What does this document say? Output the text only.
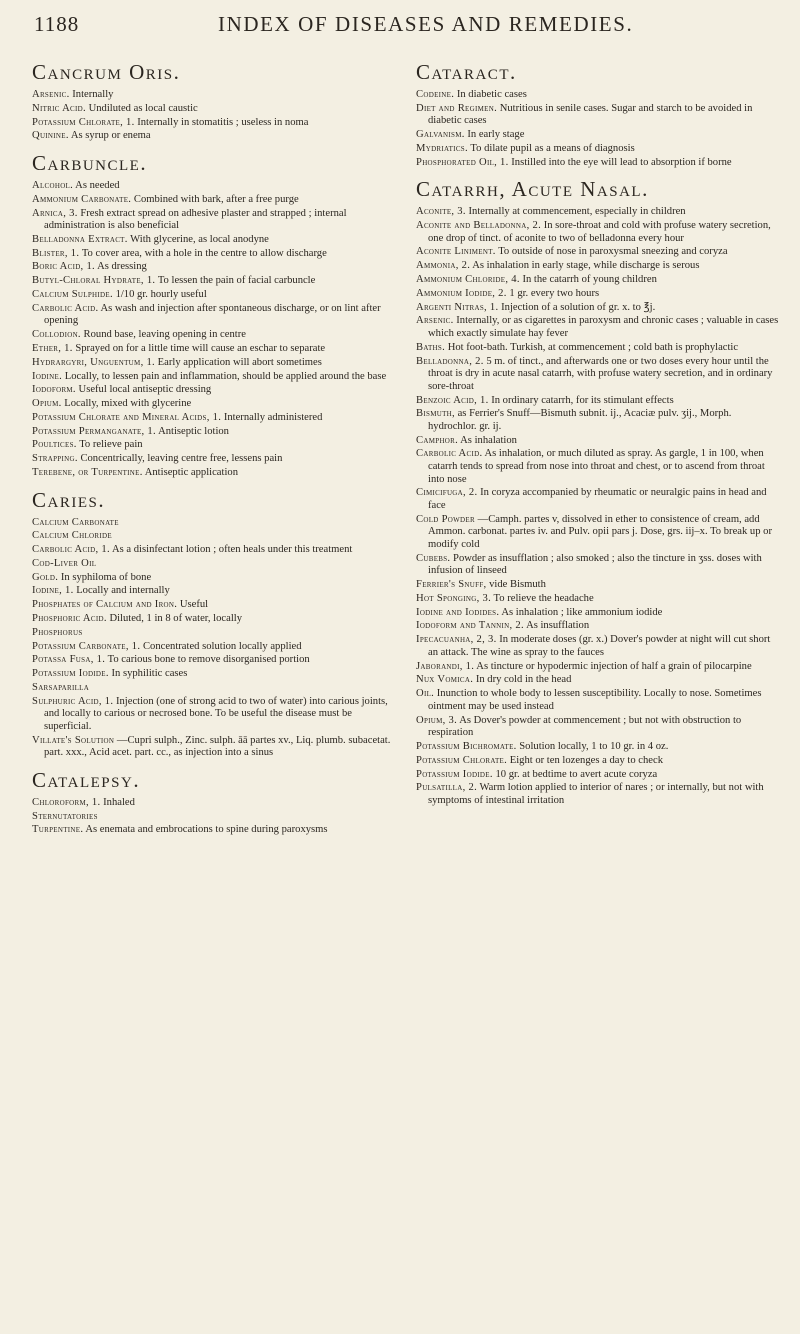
1188	INDEX OF DISEASES AND REMEDIES.
Cancrum Oris.
Arsenic. Internally
Nitric Acid. Undiluted as local caustic
Potassium Chlorate, 1. Internally in stomatitis ; useless in noma
Quinine. As syrup or enema
Carbuncle.
Alcohol. As needed
Ammonium Carbonate. Combined with bark, after a free purge
Arnica, 3. Fresh extract spread on adhesive plaster and strapped ; internal administration is also beneficial
Belladonna Extract. With glycerine, as local anodyne
Blister, 1. To cover area, with a hole in the centre to allow discharge
Boric Acid, 1. As dressing
Butyl-Chloral Hydrate, 1. To lessen the pain of facial carbuncle
Calcium Sulphide. 1/10 gr. hourly useful
Carbolic Acid. As wash and injection after spontaneous discharge, or on lint after opening
Collodion. Round base, leaving opening in centre
Ether, 1. Sprayed on for a little time will cause an eschar to separate
Hydrargyri, Unguentum, 1. Early application will abort sometimes
Iodine. Locally, to lessen pain and inflammation, should be applied around the base
Iodoform. Useful local antiseptic dressing
Opium. Locally, mixed with glycerine
Potassium Chlorate and Mineral Acids, 1. Internally administered
Potassium Permanganate, 1. Antiseptic lotion
Poultices. To relieve pain
Strapping. Concentrically, leaving centre free, lessens pain
Terebene, or Turpentine. Antiseptic application
Caries.
Calcium Carbonate
Calcium Chloride
Carbolic Acid, 1. As a disinfectant lotion ; often heals under this treatment
Cod-Liver Oil
Gold. In syphiloma of bone
Iodine, 1. Locally and internally
Phosphates of Calcium and Iron. Useful
Phosphoric Acid. Diluted, 1 in 8 of water, locally
Phosphorus
Potassium Carbonate, 1. Concentrated solution locally applied
Potassa Fusa, 1. To carious bone to remove disorganised portion
Potassium Iodide. In syphilitic cases
Sarsaparilla
Sulphuric Acid, 1. Injection (one of strong acid to two of water) into carious joints, and locally to carious or necrosed bone. To be useful the disease must be superficial.
Villate's Solution —Cupri sulph., Zinc. sulph. āā partes xv., Liq. plumb. subacetat. part. xxx., Acid acet. part. cc., as injection into a sinus
Catalepsy.
Chloroform, 1. Inhaled
Sternutatories
Turpentine. As enemata and embrocations to spine during paroxysms
Cataract.
Codeine. In diabetic cases
Diet and Regimen. Nutritious in senile cases. Sugar and starch to be avoided in diabetic cases
Galvanism. In early stage
Mydriatics. To dilate pupil as a means of diagnosis
Phosphorated Oil, 1. Instilled into the eye will lead to absorption if borne
Catarrh, Acute Nasal.
Aconite, 3. Internally at commencement, especially in children
Aconite and Belladonna, 2. In sore-throat and cold with profuse watery secretion, one drop of tinct. of aconite to two of belladonna every hour
Aconite Liniment. To outside of nose in paroxysmal sneezing and coryza
Ammonia, 2. As inhalation in early stage, while discharge is serous
Ammonium Chloride, 4. In the catarrh of young children
Ammonium Iodide, 2. 1 gr. every two hours
Argenti Nitras, 1. Injection of a solution of gr. x. to ℥j.
Arsenic. Internally, or as cigarettes in paroxysm and chronic cases ; valuable in cases which exactly simulate hay fever
Baths. Hot foot-bath. Turkish, at commencement ; cold bath is prophylactic
Belladonna, 2. 5 m. of tinct., and afterwards one or two doses every hour until the throat is dry in acute nasal catarrh, with profuse watery secretion, and in ordinary sore-throat
Benzoic Acid, 1. In ordinary catarrh, for its stimulant effects
Bismuth, as Ferrier's Snuff—Bismuth subnit. ij., Acaciæ pulv. ʒij., Morph. hydrochlor. gr. ij.
Camphor. As inhalation
Carbolic Acid. As inhalation, or much diluted as spray. As gargle, 1 in 100, when catarrh tends to spread from nose into throat and chest, or to ascend from throat into nose
Cimicifuga, 2. In coryza accompanied by rheumatic or neuralgic pains in head and face
Cold Powder —Camph. partes v, dissolved in ether to consistence of cream, add Ammon. carbonat. partes iv. and Pulv. opii pars j. Dose, grs. iij–x. To break up or modify cold
Cubebs. Powder as insufflation ; also smoked ; also the tincture in ʒss. doses with infusion of linseed
Ferrier's Snuff, vide Bismuth
Hot Sponging, 3. To relieve the headache
Iodine and Iodides. As inhalation ; like ammonium iodide
Iodoform and Tannin, 2. As insufflation
Ipecacuanha, 2, 3. In moderate doses (gr. x.) Dover's powder at night will cut short an attack. The wine as spray to the fauces
Jaborandi, 1. As tincture or hypodermic injection of half a grain of pilocarpine
Nux Vomica. In dry cold in the head
Oil. Inunction to whole body to lessen susceptibility. Locally to nose. Sometimes ointment may be used instead
Opium, 3. As Dover's powder at commencement ; but not with obstruction to respiration
Potassium Bichromate. Solution locally, 1 to 10 gr. in 4 oz.
Potassium Chlorate. Eight or ten lozenges a day to check
Potassium Iodide. 10 gr. at bedtime to avert acute coryza
Pulsatilla, 2. Warm lotion applied to interior of nares ; or internally, but not with symptoms of intestinal irritation
